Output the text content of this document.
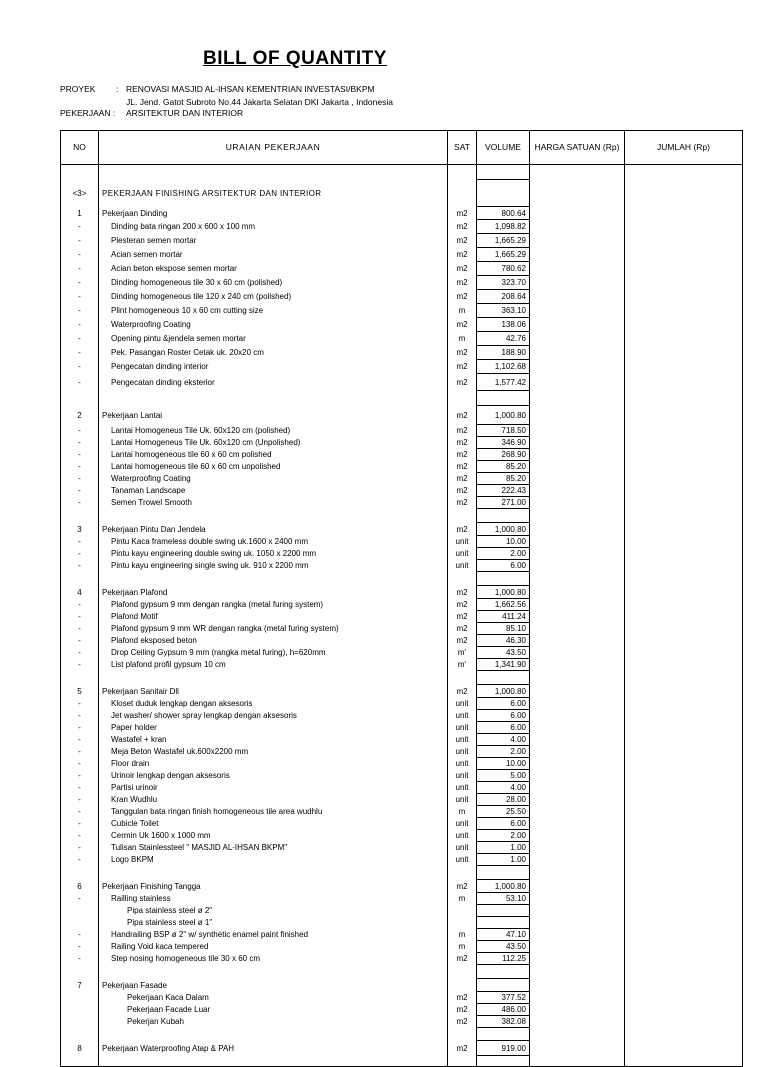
BILL OF QUANTITY
PROYEK : RENOVASI MASJID AL-IHSAN KEMENTRIAN INVESTASI/BKPM
JL. Jend. Gatot Subroto No.44 Jakarta Selatan DKI Jakarta , Indonesia
PEKERJAAN : ARSITEKTUR DAN INTERIOR
NO	URAIAN PEKERJAAN	SAT	VOLUME	HARGA SATUAN (Rp)	JUMLAH (Rp)

<3>	PEKERJAAN FINISHING ARSITEKTUR DAN INTERIOR				
1	Pekerjaan Dinding	m2	800.64		
-	Dinding bata ringan 200 x 600 x 100 mm	m2	1,098.82		
-	Plesteran semen mortar	m2	1,665.29		
-	Acian semen mortar	m2	1,665.29		
-	Acian beton ekspose semen mortar	m2	780.62		
-	Dinding homogeneous tile 30 x 60 cm (polished)	m2	323.70		
-	Dinding homogeneous tile 120 x 240 cm (polished)	m2	208.64		
-	Plint homogeneous 10 x 60 cm cutting size	m	363.10		
-	Waterproofing Coating	m2	138.06		
-	Opening pintu &jendela semen mortar	m	42.76		
-	Pek. Pasangan Roster Cetak uk. 20x20 cm	m2	188.90		
-	Pengecatan dinding interior	m2	1,102.68		
-	Pengecatan dinding eksterior	m2	1,577.42		

2	Pekerjaan Lantai	m2	1,000.80		
-	Lantai Homogeneus Tile Uk. 60x120 cm (polished)	m2	718.50		
-	Lantai Homogeneus Tile Uk. 60x120 cm (Unpolished)	m2	346.90		
-	Lantai homogeneous tile 60 x 60 cm polished	m2	268.90		
-	Lantai homogeneous tile 60 x 60 cm unpolished	m2	85.20		
-	Waterproofing Coating	m2	85.20		
-	Tanaman Landscape	m2	222.43		
-	Semen Trowel Smooth	m2	271.00		

3	Pekerjaan Pintu Dan Jendela	m2	1,000.80		
-	Pintu Kaca frameless double swing uk.1600 x 2400 mm	unit	10.00		
-	Pintu kayu engineering double swing uk. 1050 x 2200 mm	unit	2.00		
-	Pintu kayu engineering single swing uk. 910 x 2200 mm	unit	6.00		

4	Pekerjaan Plafond	m2	1,000.80		
-	Plafond gypsum 9 mm dengan rangka (metal furing system)	m2	1,662.56		
-	Plafond Motif	m2	411.24		
-	Plafond gypsum 9 mm WR dengan rangka (metal furing system)	m2	85.10		
-	Plafond eksposed beton	m2	46.30		
-	Drop Ceiling Gypsum 9 mm (rangka metal furing), h=620mm	m'	43.50		
-	List plafond profil gypsum 10 cm	m'	1,341.90		

5	Pekerjaan Sanitair Dll	m2	1,000.80		
-	Kloset duduk lengkap dengan aksesoris	unit	6.00		
-	Jet washer/ shower spray lengkap dengan aksesoris	unit	6.00		
-	Paper holder	unit	6.00		
-	Wastafel + kran	unit	4.00		
-	Meja Beton Wastafel uk.600x2200 mm	unit	2.00		
-	Floor drain	unit	10.00		
-	Urinoir lengkap dengan aksesoris	unit	5.00		
-	Partisi urinoir	unit	4.00		
-	Kran Wudhlu	unit	28.00		
-	Tanggulan bata ringan finish homogeneous tile area wudhlu	m	25.50		
-	Cubicle Toilet	unit	6.00		
-	Cermin Uk 1600 x 1000 mm	unit	2.00		
-	Tulisan Stainlessteel " MASJID AL-IHSAN BKPM"	unit	1.00		
-	Logo BKPM	unit	1.00		

6	Pekerjaan Finishing Tangga	m2	1,000.80		
-	Railling stainless	m	53.10		
	Pipa stainless steel ø 2"				
	Pipa stainless steel ø 1"				
-	Handrailing BSP ø 2" w/ synthetic enamel paint finished	m	47.10		
-	Railing Void kaca tempered	m	43.50		
-	Step nosing homogeneous tile 30 x 60 cm	m2	112.25		

7	Pekerjaan Fasade				
	Pekerjaan Kaca Dalam	m2	377.52		
	Pekerjaan Facade Luar	m2	486.00		
	Pekerjan Kubah	m2	382.08		

8	Pekerjaan Waterproofing Atap & PAH	m2	919.00		
